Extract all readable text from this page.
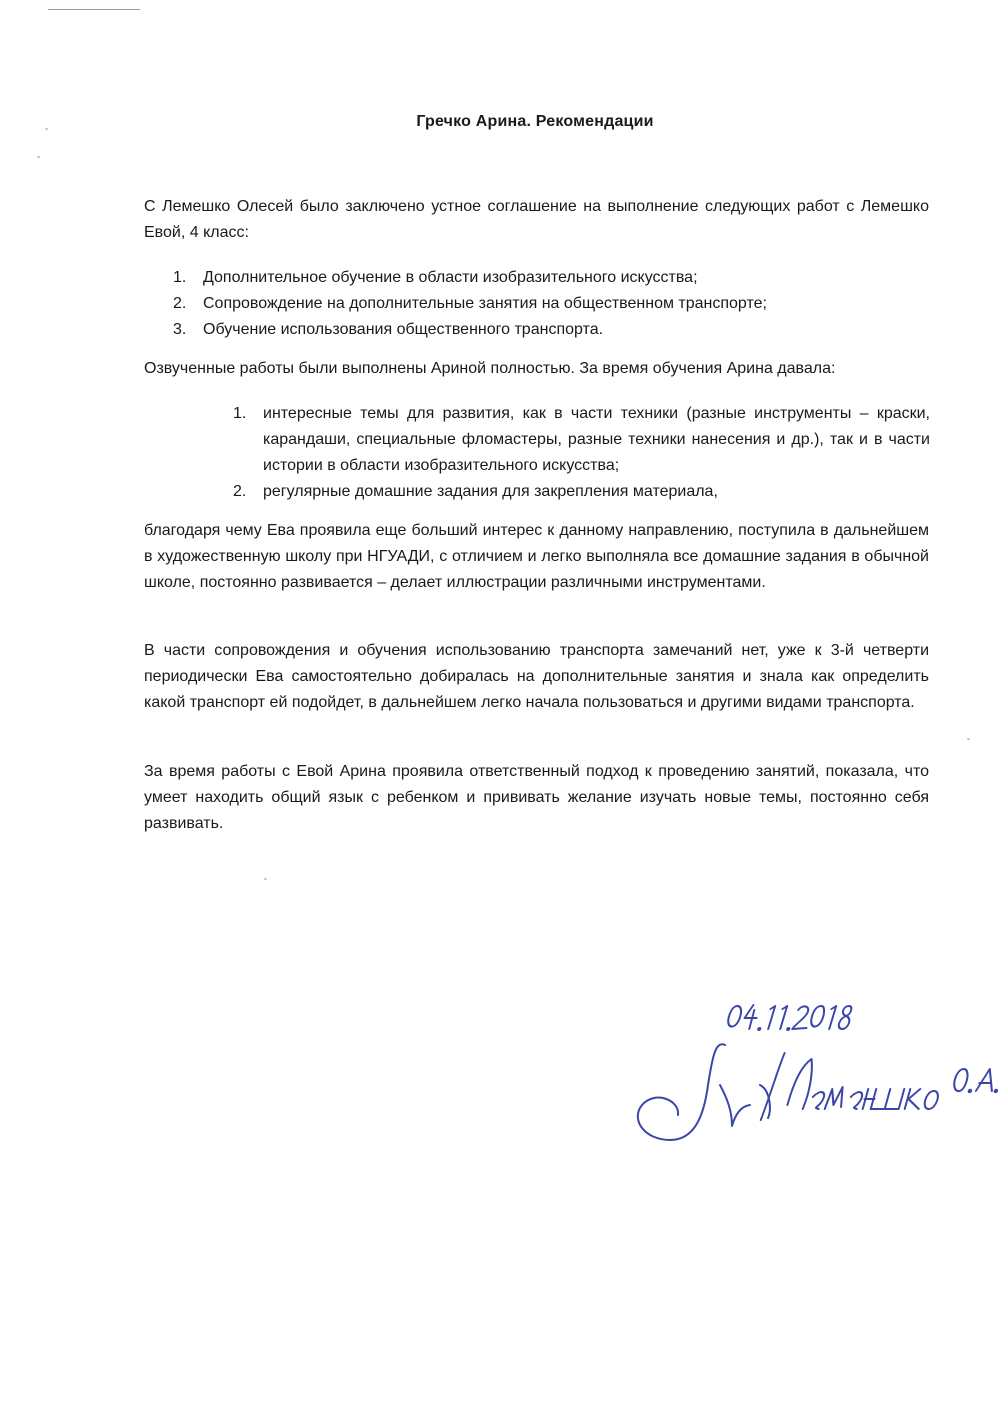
Гречко Арина. Рекомендации
С Лемешко Олесей было заключено устное соглашение на выполнение следующих работ с Лемешко Евой, 4 класс:
1. Дополнительное обучение в области изобразительного искусства;
2. Сопровождение на дополнительные занятия на общественном транспорте;
3. Обучение использования общественного транспорта.
Озвученные работы были выполнены Ариной полностью. За время обучения Арина давала:
1. интересные темы для развития, как в части техники (разные инструменты – краски, карандаши, специальные фломастеры, разные техники нанесения и др.), так и в части истории в области изобразительного искусства;
2. регулярные домашние задания для закрепления материала,
благодаря чему Ева проявила еще больший интерес к данному направлению, поступила в дальнейшем в художественную школу при НГУАДИ, с отличием и легко выполняла все домашние задания в обычной школе, постоянно развивается – делает иллюстрации различными инструментами.
В части сопровождения и обучения использованию транспорта замечаний нет, уже к 3-й четверти периодически Ева самостоятельно добиралась на дополнительные занятия и знала как определить какой транспорт ей подойдет, в дальнейшем легко начала пользоваться и другими видами транспорта.
За время работы с Евой Арина проявила ответственный подход к проведению занятий, показала, что умеет находить общий язык с ребенком и прививать желание изучать новые темы, постоянно себя развивать.
